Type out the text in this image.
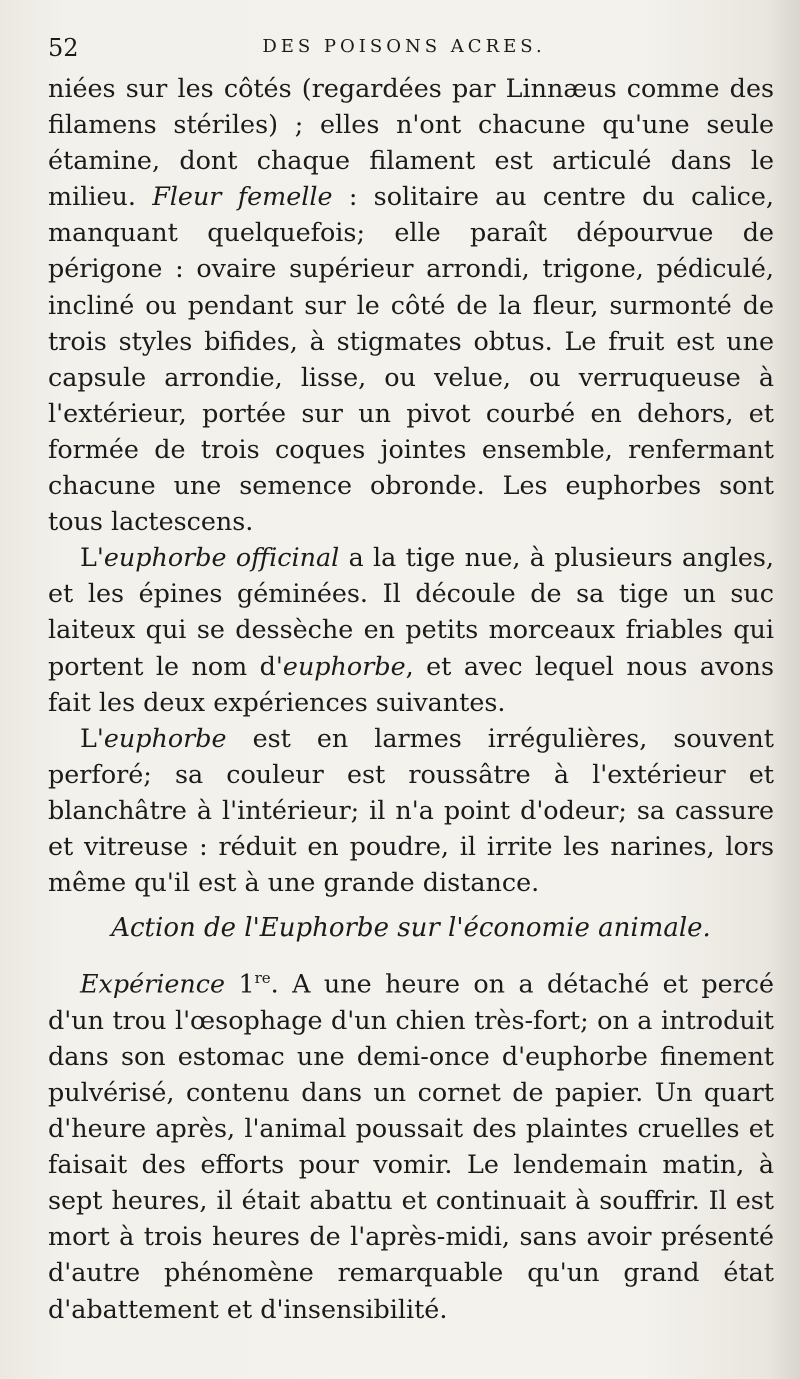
52	DES POISONS ACRES.

niées sur les côtés (regardées par Linnæus comme des filamens stériles) ; elles n'ont chacune qu'une seule étamine, dont chaque filament est articulé dans le milieu. Fleur femelle : solitaire au centre du calice, manquant quelquefois; elle paraît dépourvue de périgone : ovaire supérieur arrondi, trigone, pédiculé, incliné ou pendant sur le côté de la fleur, surmonté de trois styles bifides, à stigmates obtus. Le fruit est une capsule arrondie, lisse, ou velue, ou verruqueuse à l'extérieur, portée sur un pivot courbé en dehors, et formée de trois coques jointes ensemble, renfermant chacune une semence obronde. Les euphorbes sont tous lactescens.

L'euphorbe officinal a la tige nue, à plusieurs angles, et les épines géminées. Il découle de sa tige un suc laiteux qui se dessèche en petits morceaux friables qui portent le nom d'euphorbe, et avec lequel nous avons fait les deux expériences suivantes.

L'euphorbe est en larmes irrégulières, souvent perforé; sa couleur est roussâtre à l'extérieur et blanchâtre à l'intérieur; il n'a point d'odeur; sa cassure et vitreuse : réduit en poudre, il irrite les narines, lors même qu'il est à une grande distance.

Action de l'Euphorbe sur l'économie animale.

Expérience 1re. A une heure on a détaché et percé d'un trou l'œsophage d'un chien très-fort; on a introduit dans son estomac une demi-once d'euphorbe finement pulvérisé, contenu dans un cornet de papier. Un quart d'heure après, l'animal poussait des plaintes cruelles et faisait des efforts pour vomir. Le lendemain matin, à sept heures, il était abattu et continuait à souffrir. Il est mort à trois heures de l'après-midi, sans avoir présenté d'autre phénomène remarquable qu'un grand état d'abattement et d'insensibilité.
